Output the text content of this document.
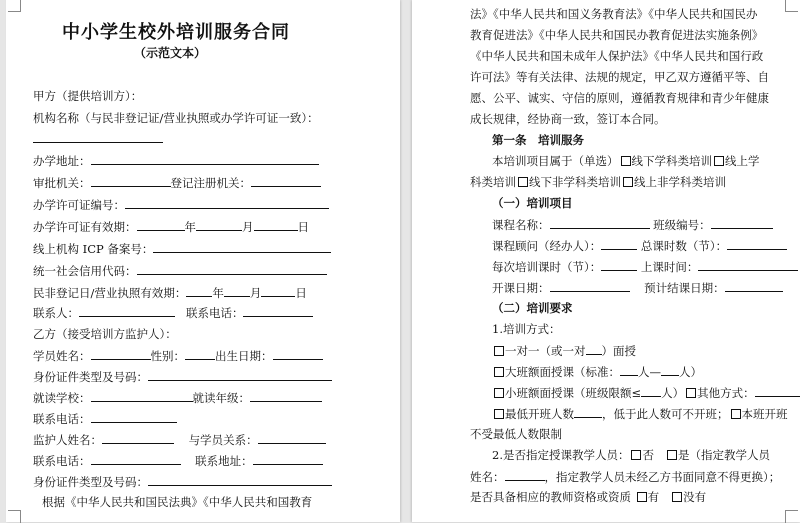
中小学生校外培训服务合同
（示范文本）
甲方（提供培训方）：
机构名称（与民非登记证/营业执照或办学许可证一致）：
办学地址：
审批机关：	登记注册机关：
办学许可证编号：
办学许可证有效期：	年	月	日
线上机构 ICP 备案号：
统一社会信用代码：
民非登记日/营业执照有效期： 年 月	日
联系人：	联系电话：
乙方（接受培训方监护人）：
学员姓名：	性别：	出生日期：
身份证件类型及号码：
就读学校：	就读年级：
联系电话：
监护人姓名：	与学员关系：
联系电话：	联系地址：
身份证件类型及号码：
根据《中华人民共和国民法典》《中华人民共和国教育
法》《中华人民共和国义务教育法》《中华人民共和国民办
教育促进法》《中华人民共和国民办教育促进法实施条例》
《中华人民共和国未成年人保护法》《中华人民共和国行政
许可法》等有关法律、法规的规定，甲乙双方遵循平等、自
愿、公平、诚实、守信的原则，遵循教育规律和青少年健康
成长规律，经协商一致，签订本合同。
第一条　培训服务
本培训项目属于（单选） 线下学科类培训 线上学
科类培训 线下非学科类培训 线上非学科类培训
（一）培训项目
课程名称：	班级编号：
课程顾问（经办人）：	总课时数（节）：
每次培训课时（节）：	上课时间：
开课日期：	预计结课日期：
（二）培训要求
1.培训方式：
一对一（或一对 ）面授
大班额面授课（标准： 人— 人）
小班额面授课（班级限额≤ 人） 其他方式：
最低开班人数 ，低于此人数可不开班； 本班开班
不受最低人数限制
2.是否指定授课教学人员： 否 是（指定教学人员
姓名：	，指定教学人员未经乙方书面同意不得更换）；
是否具备相应的教师资格或资质 有 没有
